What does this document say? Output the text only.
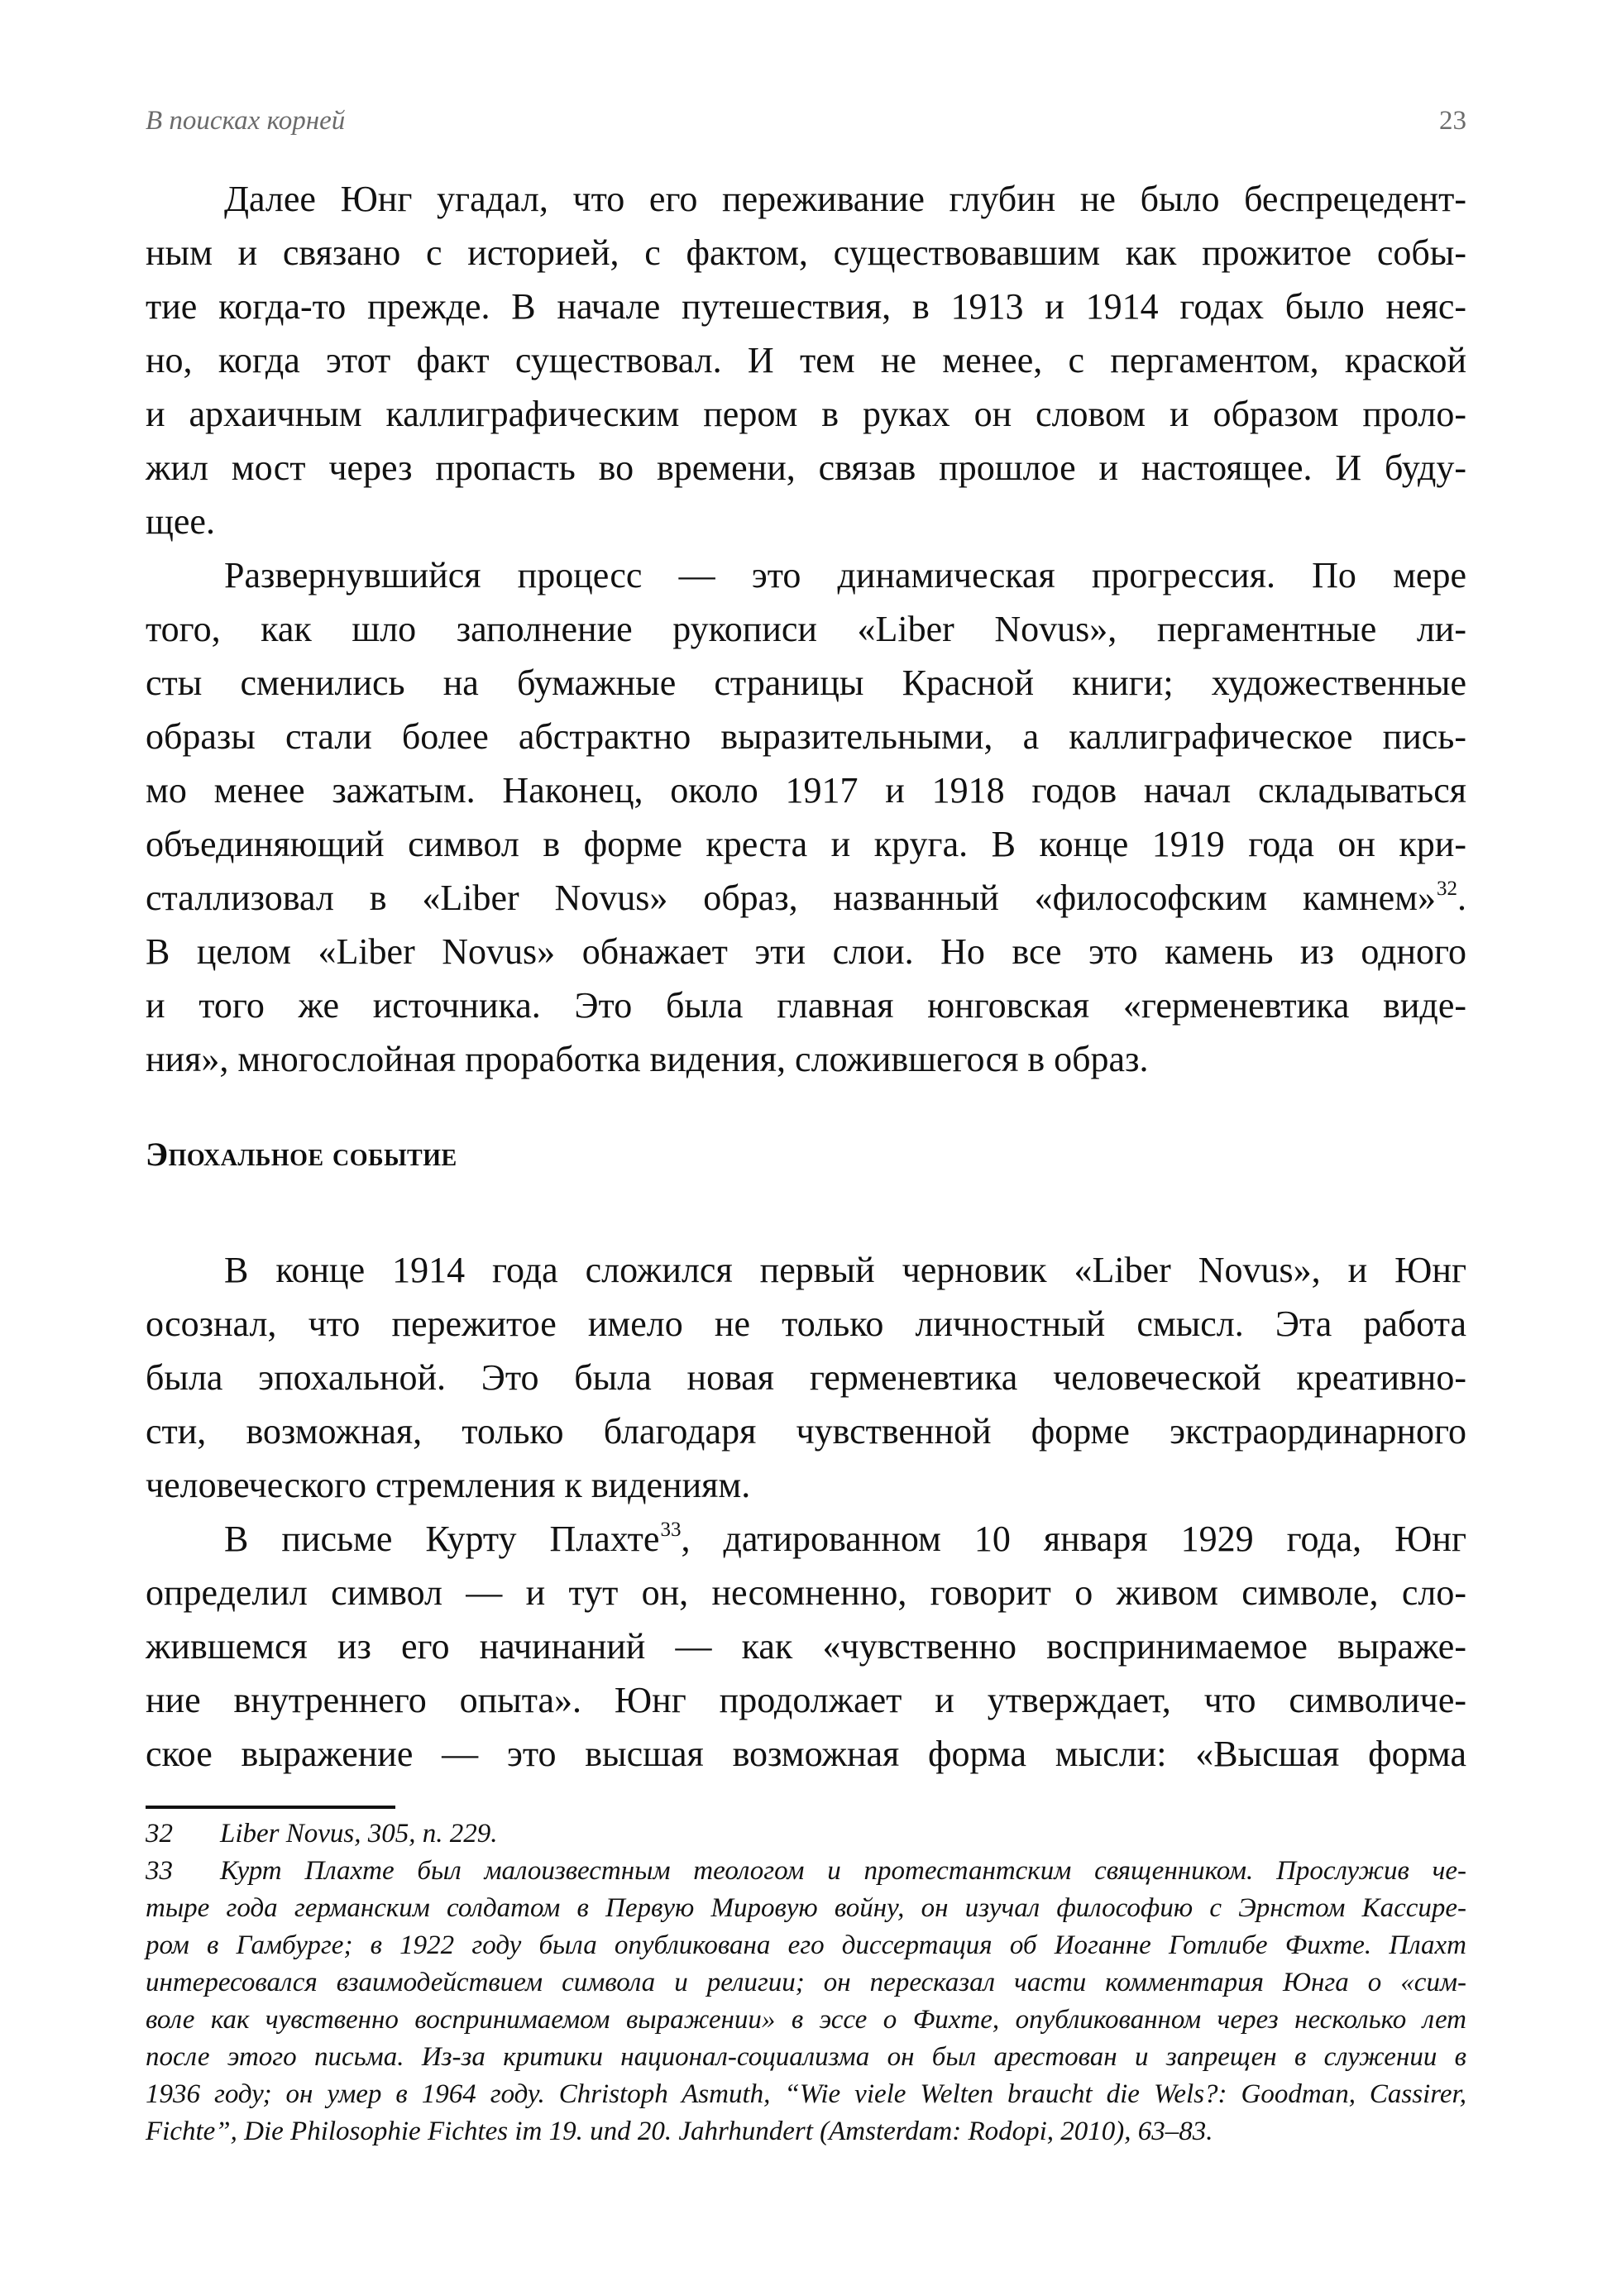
В поисках корней	23
Далее Юнг угадал, что его переживание глубин не было беспрецедент-
ным и связано с историей, с фактом, существовавшим как прожитое собы-
тие когда-то прежде. В начале путешествия, в 1913 и 1914 годах было неяс-
но, когда этот факт существовал. И тем не менее, с пергаментом, краской
и архаичным каллиграфическим пером в руках он словом и образом проло-
жил мост через пропасть во времени, связав прошлое и настоящее. И буду-
щее.
Развернувшийся процесс — это динамическая прогрессия. По мере
того, как шло заполнение рукописи «Liber Novus», пергаментные ли-
сты сменились на бумажные страницы Красной книги; художественные
образы стали более абстрактно выразительными, а каллиграфическое пись-
мо менее зажатым. Наконец, около 1917 и 1918 годов начал складываться
объединяющий символ в форме креста и круга. В конце 1919 года он кри-
сталлизовал в «Liber Novus» образ, названный «философским камнем»$^{32}$.
В целом «Liber Novus» обнажает эти слои. Но все это камень из одного
и того же источника. Это была главная юнговская «герменевтика виде-
ния», многослойная проработка видения, сложившегося в образ.
Эпохальное событие
В конце 1914 года сложился первый черновик «Liber Novus», и Юнг
осознал, что пережитое имело не только личностный смысл. Эта работа
была эпохальной. Это была новая герменевтика человеческой креативно-
сти, возможная, только благодаря чувственной форме экстраординарного
человеческого стремления к видениям.
В письме Курту Плахте$^{33}$, датированном 10 января 1929 года, Юнг
определил символ — и тут он, несомненно, говорит о живом символе, сло-
жившемся из его начинаний — как «чувственно воспринимаемое выраже-
ние внутреннего опыта». Юнг продолжает и утверждает, что символиче-
ское выражение — это высшая возможная форма мысли: «Высшая форма
32 Liber Novus, 305, n. 229.
33 Курт Плахте был малоизвестным теологом и протестантским священником. Прослужив че-
тыре года германским солдатом в Первую Мировую войну, он изучал философию с Эрнстом Кассире-
ром в Гамбурге; в 1922 году была опубликована его диссертация об Иоганне Готлибе Фихте. Плахт
интересовался взаимодействием символа и религии; он пересказал части комментария Юнга о «сим-
воле как чувственно воспринимаемом выражении» в эссе о Фихте, опубликованном через несколько лет
после этого письма. Из-за критики национал-социализма он был арестован и запрещен в служении в
1936 году; он умер в 1964 году. Christoph Asmuth, “Wie viele Welten braucht die Wels?: Goodman, Cassirer,
Fichte”, Die Philosophie Fichtes im 19. und 20. Jahrhundert (Amsterdam: Rodopi, 2010), 63–83.
